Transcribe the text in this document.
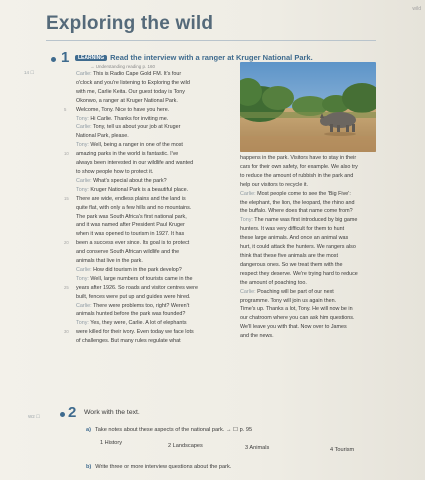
wild
Exploring the wild
14 ☐
1	LEARNING Read the interview with a ranger at Kruger National Park.
→ Understanding reading p. 160
5
10
15
20
25
30
Carlie: This is Radio Cape Gold FM. It's four
o'clock and you're listening to Exploring the wild
with me, Carlie Keita. Our guest today is Tony
Okonwo, a ranger at Kruger National Park.
Welcome, Tony. Nice to have you here.
Tony: Hi Carlie. Thanks for inviting me.
Carlie: Tony, tell us about your job at Kruger
National Park, please.
Tony: Well, being a ranger in one of the most
amazing parks in the world is fantastic. I've
always been interested in our wildlife and wanted
to show people how to protect it.
Carlie: What's special about the park?
Tony: Kruger National Park is a beautiful place.
There are wide, endless plains and the land is
quite flat, with only a few hills and no mountains.
The park was South Africa's first national park,
and it was named after President Paul Kruger
when it was opened to tourism in 1927. It has
been a success ever since. Its goal is to protect
and conserve South African wildlife and the
animals that live in the park.
Carlie: How did tourism in the park develop?
Tony: Well, large numbers of tourists came in the
years after 1926. So roads and visitor centres were
built, fences were put up and guides were hired.
Carlie: There were problems too, right? Weren't
animals hunted before the park was founded?
Tony: Yes, they were, Carlie. A lot of elephants
were killed for their ivory. Even today we face lots
of challenges. But many rules regulate what
happens in the park. Visitors have to stay in their
cars for their own safety, for example. We also try
to reduce the amount of rubbish in the park and
help our visitors to recycle it.
Carlie: Most people come to see the 'Big Five':
the elephant, the lion, the leopard, the rhino and
the buffalo. Where does that name come from?
Tony: The name was first introduced by big game
hunters. It was very difficult for them to hunt
these large animals. And once an animal was
hurt, it could attack the hunters. We rangers also
think that these five animals are the most
dangerous ones. So we treat them with the
respect they deserve. We're trying hard to reduce
the amount of poaching too.
Carlie: Poaching will be part of our next
programme. Tony will join us again then.
Time's up. Thanks a lot, Tony. He will now be in
our chatroom where you can ask him questions.
We'll leave you with that. Now over to James
and the news.
W2 ☐ 2 Work with the text.
a) Take notes about these aspects of the national park. → ☐ p. 95
1 History	2 Landscapes	3 Animals	4 Tourism
b) Write three or more interview questions about the park.
